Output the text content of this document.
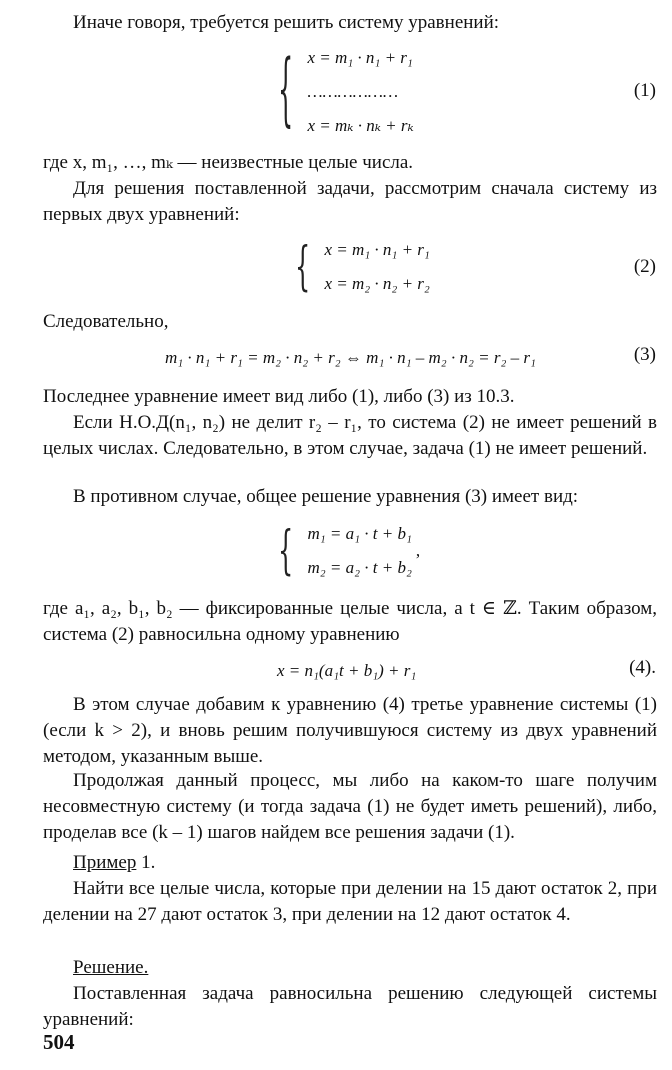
Иначе говоря, требуется решить систему уравнений:

{ x = m₁ · n₁ + r₁
………………
x = mₖ · nₖ + rₖ
(1)

где x, m₁, …, mₖ — неизвестные целые числа.

Для решения поставленной задачи, рассмотрим сначала систему из первых двух уравнений:

{ x = m₁ · n₁ + r₁
x = m₂ · n₂ + r₂
(2)

Следовательно,

m₁ · n₁ + r₁ = m₂ · n₂ + r₂ ⇔ m₁ · n₁ – m₂ · n₂ = r₂ – r₁	(3)

Последнее уравнение имеет вид либо (1), либо (3) из 10.3.

Если Н.О.Д(n₁, n₂) не делит r₂ – r₁, то система (2) не имеет решений в целых числах. Следовательно, в этом случае, задача (1) не имеет решений.

В противном случае, общее решение уравнения (3) имеет вид:

{ m₁ = a₁ · t + b₁
m₂ = a₂ · t + b₂
,

где a₁, a₂, b₁, b₂ — фиксированные целые числа, а t ∈ ℤ. Таким образом, система (2) равносильна одному уравнению

x = n₁(a₁t + b₁) + r₁	(4).

В этом случае добавим к уравнению (4) третье уравнение системы (1) (если k > 2), и вновь решим получившуюся систему из двух уравнений методом, указанным выше.

Продолжая данный процесс, мы либо на каком-то шаге получим несовместную систему (и тогда задача (1) не будет иметь решений), либо, проделав все (k – 1) шагов найдем все решения задачи (1).

Пример 1.

Найти все целые числа, которые при делении на 15 дают остаток 2, при делении на 27 дают остаток 3, при делении на 12 дают остаток 4.

Решение.

Поставленная задача равносильна решению следующей системы уравнений:

504
